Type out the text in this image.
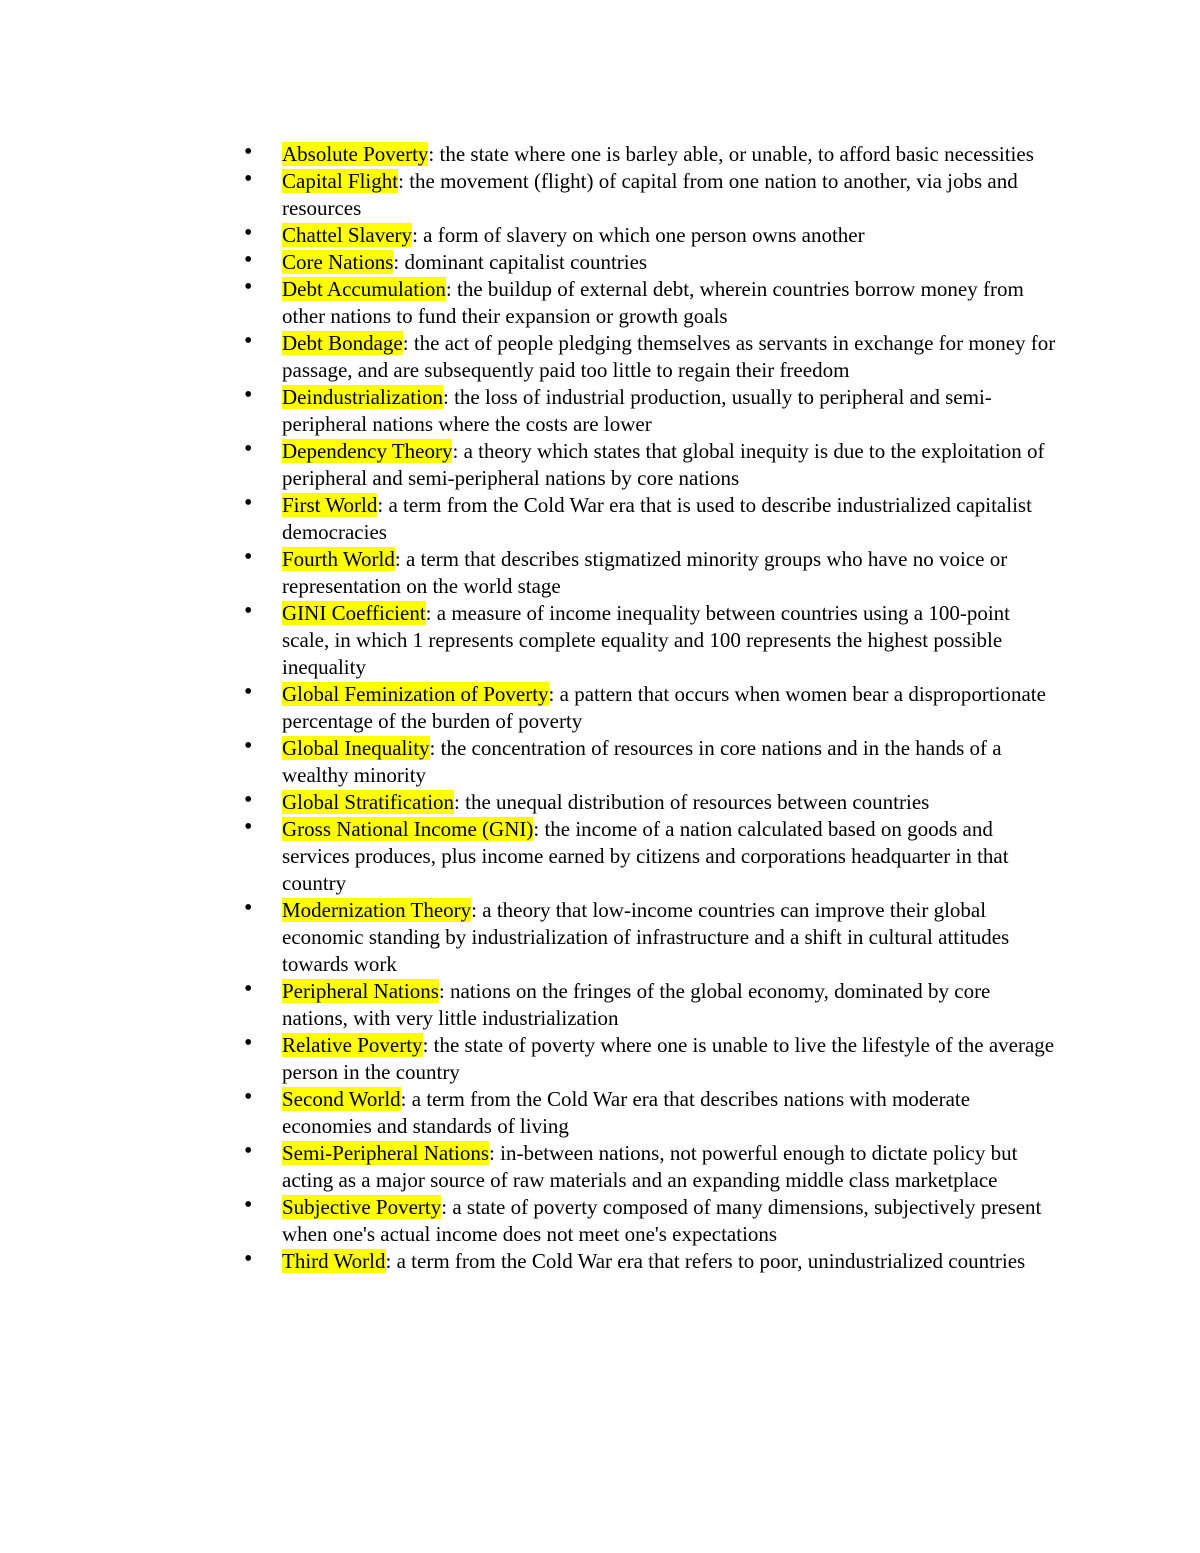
• Absolute Poverty: the state where one is barley able, or unable, to afford basic necessities
• Capital Flight: the movement (flight) of capital from one nation to another, via jobs and resources
• Chattel Slavery: a form of slavery on which one person owns another
• Core Nations: dominant capitalist countries
• Debt Accumulation: the buildup of external debt, wherein countries borrow money from other nations to fund their expansion or growth goals
• Debt Bondage: the act of people pledging themselves as servants in exchange for money for passage, and are subsequently paid too little to regain their freedom
• Deindustrialization: the loss of industrial production, usually to peripheral and semi-peripheral nations where the costs are lower
• Dependency Theory: a theory which states that global inequity is due to the exploitation of peripheral and semi-peripheral nations by core nations
• First World: a term from the Cold War era that is used to describe industrialized capitalist democracies
• Fourth World: a term that describes stigmatized minority groups who have no voice or representation on the world stage
• GINI Coefficient: a measure of income inequality between countries using a 100-point scale, in which 1 represents complete equality and 100 represents the highest possible inequality
• Global Feminization of Poverty: a pattern that occurs when women bear a disproportionate percentage of the burden of poverty
• Global Inequality: the concentration of resources in core nations and in the hands of a wealthy minority
• Global Stratification: the unequal distribution of resources between countries
• Gross National Income (GNI): the income of a nation calculated based on goods and services produces, plus income earned by citizens and corporations headquarter in that country
• Modernization Theory: a theory that low-income countries can improve their global economic standing by industrialization of infrastructure and a shift in cultural attitudes towards work
• Peripheral Nations: nations on the fringes of the global economy, dominated by core nations, with very little industrialization
• Relative Poverty: the state of poverty where one is unable to live the lifestyle of the average person in the country
• Second World: a term from the Cold War era that describes nations with moderate economies and standards of living
• Semi-Peripheral Nations: in-between nations, not powerful enough to dictate policy but acting as a major source of raw materials and an expanding middle class marketplace
• Subjective Poverty: a state of poverty composed of many dimensions, subjectively present when one's actual income does not meet one's expectations
• Third World: a term from the Cold War era that refers to poor, unindustrialized countries
